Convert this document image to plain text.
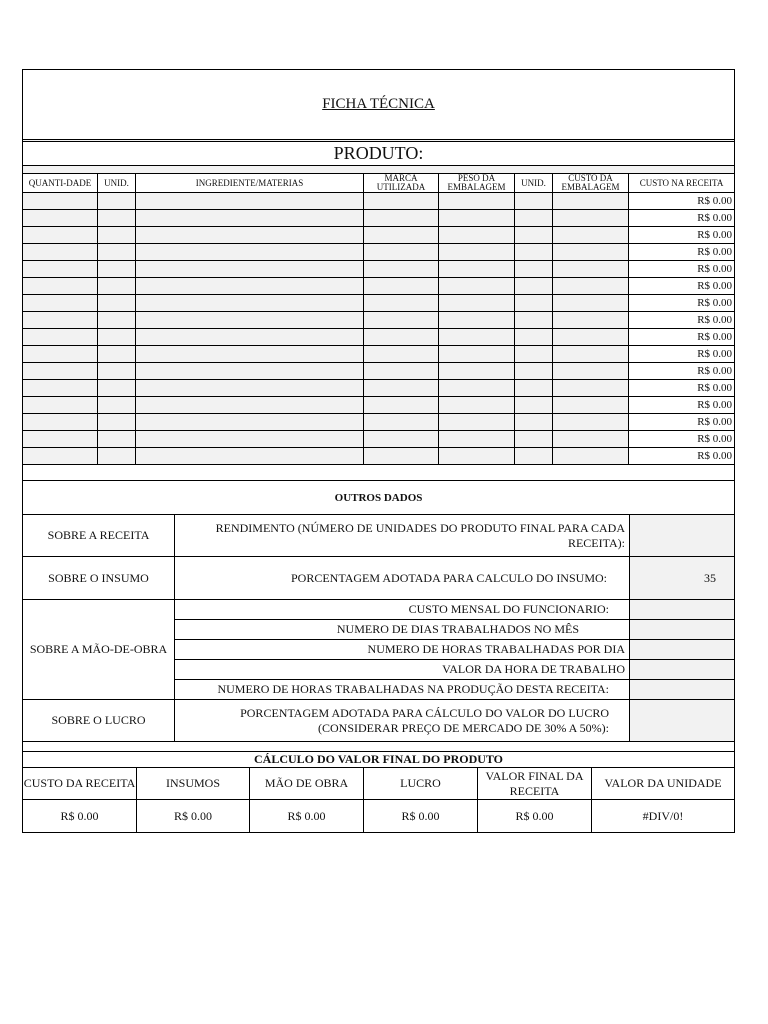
FICHA TÉCNICA							

PRODUTO:							

QUANTI-DADE	UNID.	INGREDIENTE/MATERIAS	MARCA UTILIZADA	PESO DA EMBALAGEM	UNID.	CUSTO DA EMBALAGEM	CUSTO NA RECEITA
							R$ 0.00
							R$ 0.00
							R$ 0.00
							R$ 0.00
							R$ 0.00
							R$ 0.00
							R$ 0.00
							R$ 0.00
							R$ 0.00
							R$ 0.00
							R$ 0.00
							R$ 0.00
							R$ 0.00
							R$ 0.00
							R$ 0.00
							R$ 0.00

OUTROS DADOS		
SOBRE A RECEITA	RENDIMENTO (NÚMERO DE UNIDADES DO PRODUTO FINAL PARA CADA RECEITA):	
SOBRE O INSUMO	PORCENTAGEM ADOTADA PARA CALCULO DO INSUMO:	35
SOBRE A MÃO-DE-OBRA	CUSTO MENSAL DO FUNCIONARIO:	
	NUMERO DE DIAS TRABALHADOS NO MÊS	
	NUMERO DE HORAS TRABALHADAS POR DIA	
	VALOR DA HORA DE TRABALHO	
	NUMERO DE HORAS TRABALHADAS NA PRODUÇÃO DESTA RECEITA:	
SOBRE O LUCRO	PORCENTAGEM ADOTADA PARA CÁLCULO DO VALOR DO LUCRO (CONSIDERAR PREÇO DE MERCADO DE 30% A 50%):	

CÁLCULO DO VALOR FINAL DO PRODUTO					
CUSTO DA RECEITA	INSUMOS	MÃO DE OBRA	LUCRO	VALOR FINAL DA RECEITA	VALOR DA UNIDADE
R$ 0.00	R$ 0.00	R$ 0.00	R$ 0.00	R$ 0.00	#DIV/0!
